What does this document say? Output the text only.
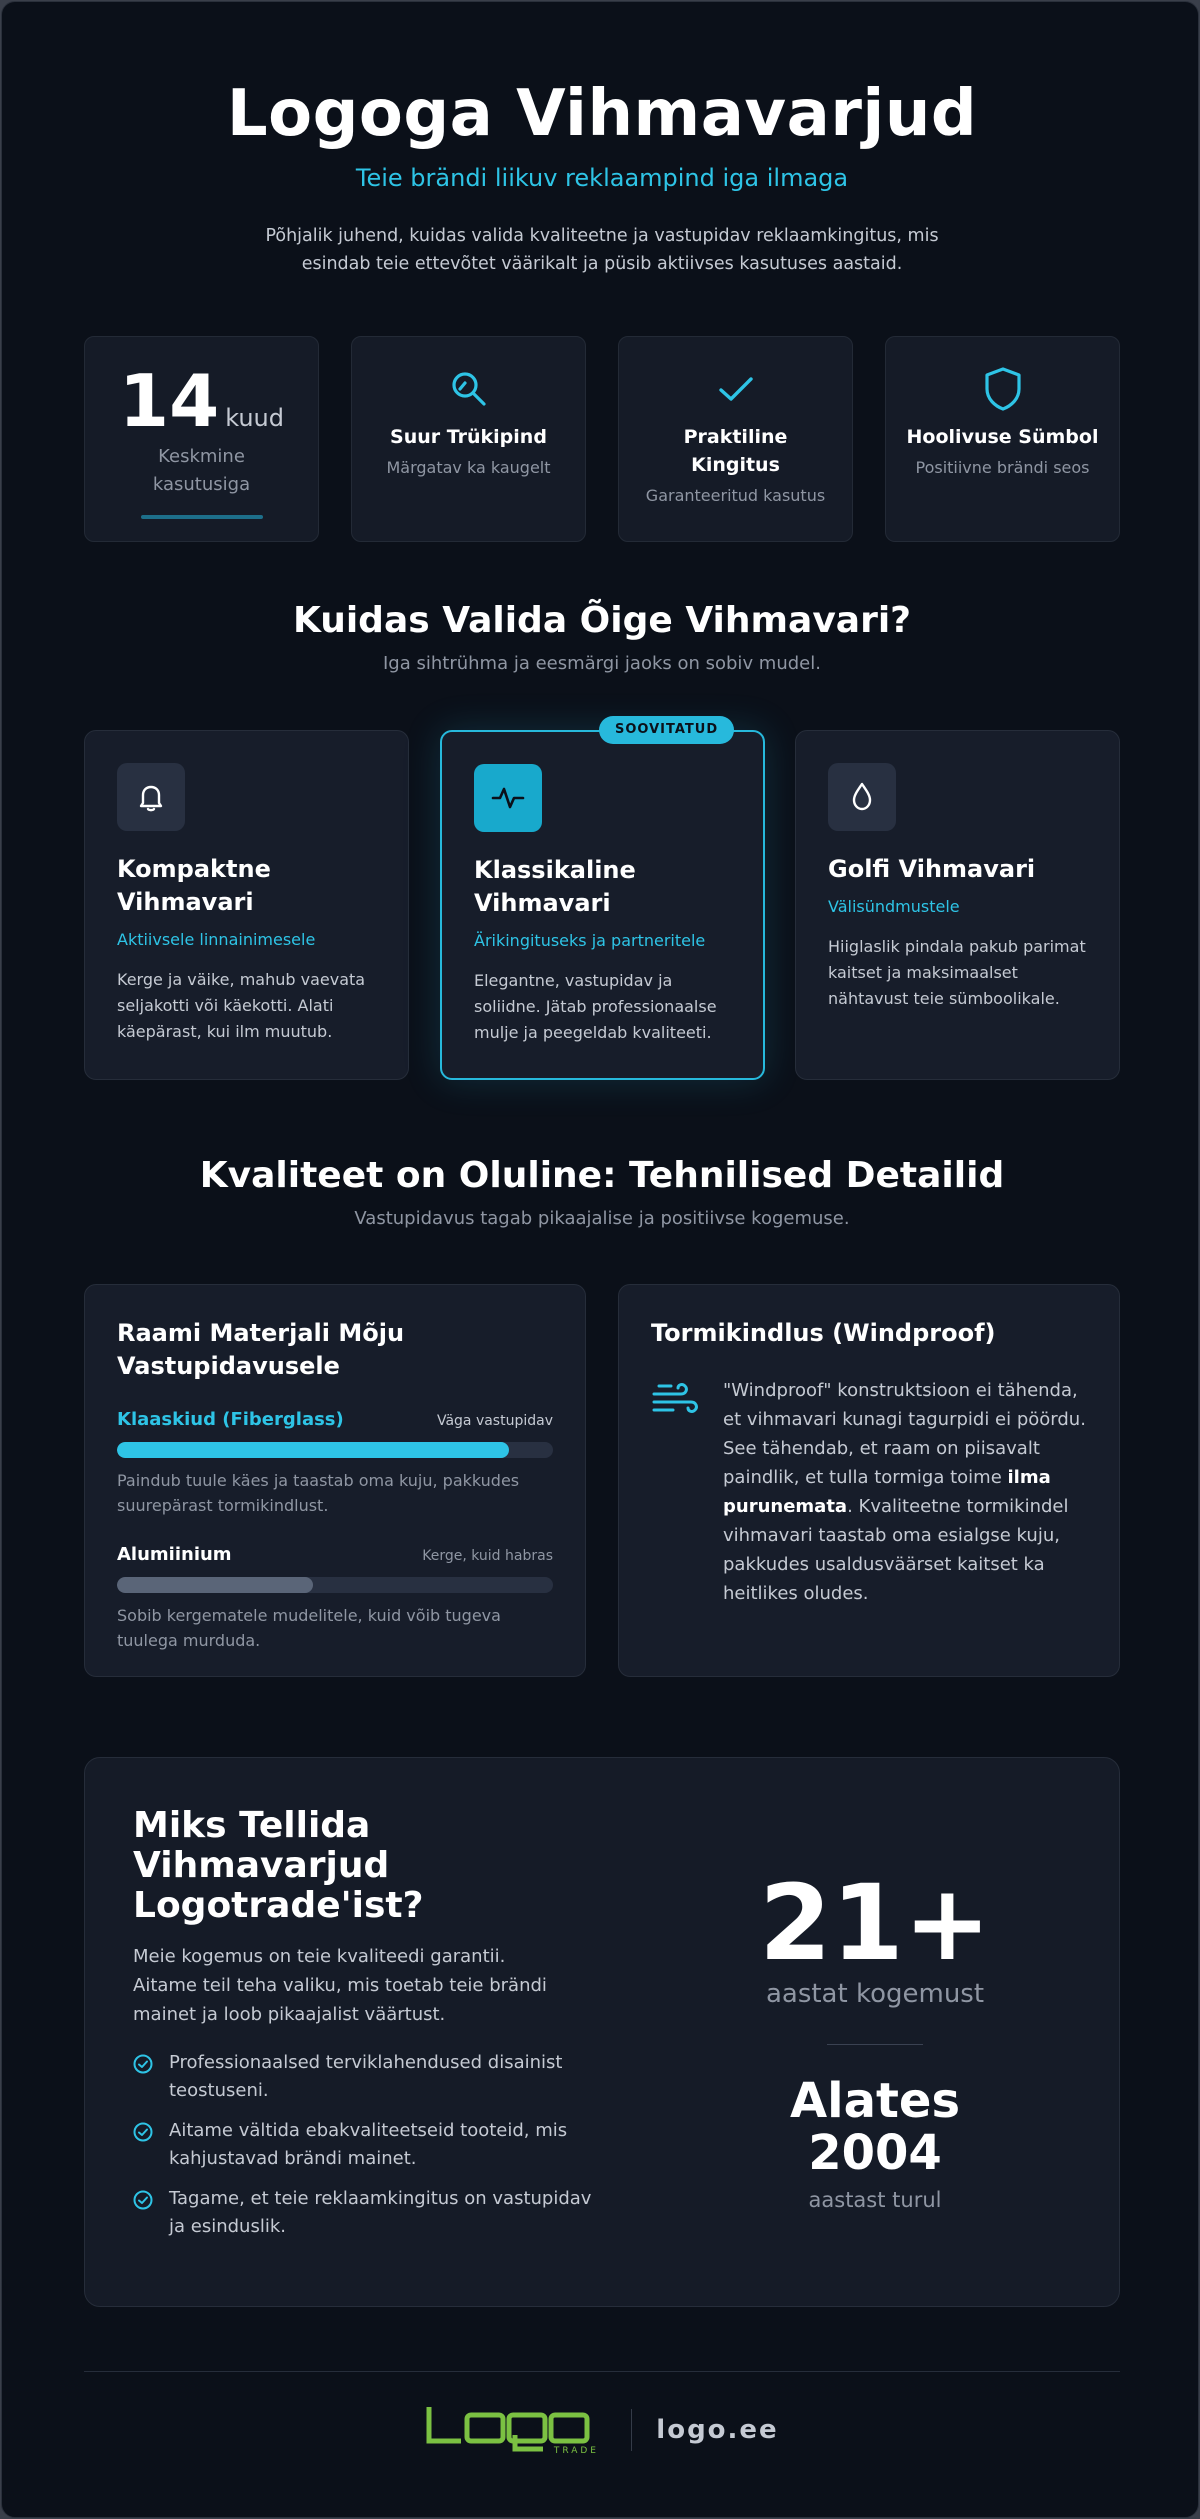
Logoga Vihmavarjud
Teie brändi liikuv reklaampind iga ilmaga

Põhjalik juhend, kuidas valida kvaliteetne ja vastupidav reklaamkingitus, mis esindab teie ettevõtet väärikalt ja püsib aktiivses kasutuses aastaid.

14 kuud
Keskmine kasutusiga
Suur Trükipind
Märgatav ka kaugelt
Praktiline Kingitus
Garanteeritud kasutus
Hoolivuse Sümbol
Positiivne brändi seos
Kuidas Valida Õige Vihmavari?

Iga sihtrühma ja eesmärgi jaoks on sobiv mudel.

Kompaktne Vihmavari
Aktiivsele linnainimesele

Kerge ja väike, mahub vaevata seljakotti või käekotti. Alati käepärast, kui ilm muutub.

SOOVITATUD
Klassikaline Vihmavari
Ärikingituseks ja partneritele

Elegantne, vastupidav ja soliidne. Jätab professionaalse mulje ja peegeldab kvaliteeti.

Golfi Vihmavari
Välisündmustele

Hiiglaslik pindala pakub parimat kaitset ja maksimaalset nähtavust teie sümboolikale.

Kvaliteet on Oluline: Tehnilised Detailid

Vastupidavus tagab pikaajalise ja positiivse kogemuse.

Raami Materjali Mõju Vastupidavusele
Klaaskiud (Fiberglass)	Väga vastupidav
Paindub tuule käes ja taastab oma kuju, pakkudes suurepärast tormikindlust.
Alumiinium	Kerge, kuid habras
Sobib kergematele mudelitele, kuid võib tugeva tuulega murduda.
Tormikindlus (Windproof)

"Windproof" konstruktsioon ei tähenda, et vihmavari kunagi tagurpidi ei pöördu. See tähendab, et raam on piisavalt paindlik, et tulla tormiga toime ilma purunemata. Kvaliteetne tormikindel vihmavari taastab oma esialgse kuju, pakkudes usaldusväärset kaitset ka heitlikes oludes.

Miks Tellida Vihmavarjud Logotrade'ist?

Meie kogemus on teie kvaliteedi garantii. Aitame teil teha valiku, mis toetab teie brändi mainet ja loob pikaajalist väärtust.

Professionaalsed terviklahendused disainist teostuseni.
Aitame vältida ebakvaliteetseid tooteid, mis kahjustavad brändi mainet.
Tagame, et teie reklaamkingitus on vastupidav ja esinduslik.
21+
aastat kogemust
Alates 2004
aastast turul
TRADE
logo
logo.ee
